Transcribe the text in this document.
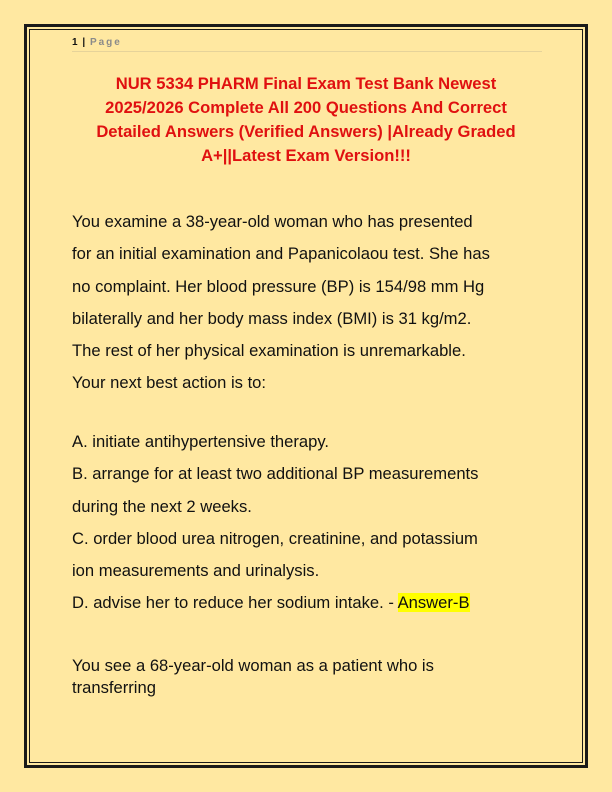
1 | Page
NUR 5334 PHARM Final Exam Test Bank Newest
2025/2026 Complete All 200 Questions And Correct
Detailed Answers (Verified Answers) |Already Graded
A+||Latest Exam Version!!!
You examine a 38-year-old woman who has presented
for an initial examination and Papanicolaou test. She has
no complaint. Her blood pressure (BP) is 154/98 mm Hg
bilaterally and her body mass index (BMI) is 31 kg/m2.
The rest of her physical examination is unremarkable.
Your next best action is to:
A. initiate antihypertensive therapy.
B. arrange for at least two additional BP measurements
during the next 2 weeks.
C. order blood urea nitrogen, creatinine, and potassium
ion measurements and urinalysis.
D. advise her to reduce her sodium intake. - Answer-B
You see a 68-year-old woman as a patient who is
transferring
